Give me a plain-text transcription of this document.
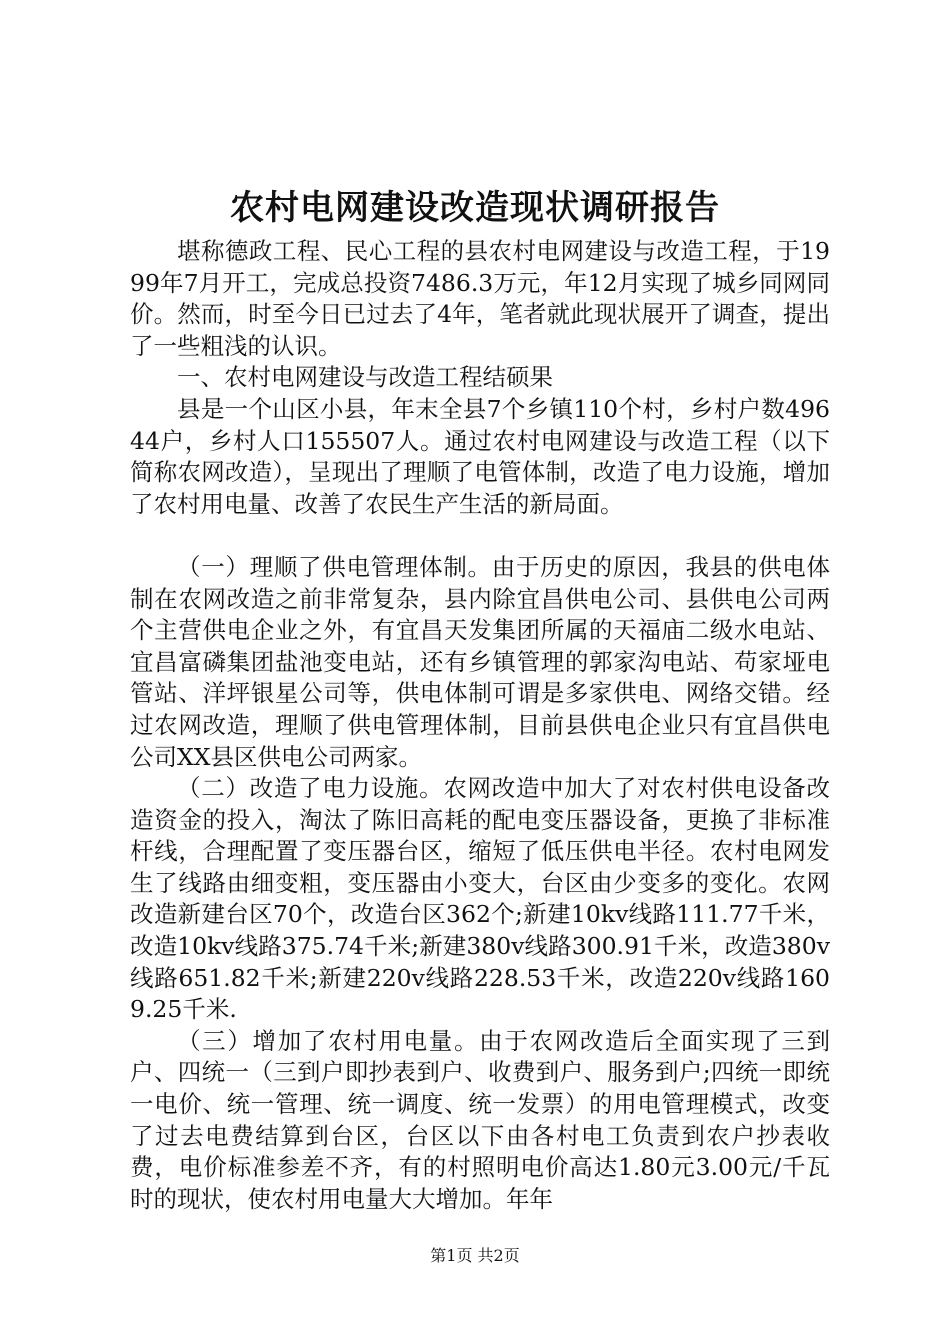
农村电网建设改造现状调研报告

堪称德政工程、民心工程的县农村电网建设与改造工程，于1999年7月开工，完成总投资7486.3万元，年12月实现了城乡同网同价。然而，时至今日已过去了4年，笔者就此现状展开了调查，提出了一些粗浅的认识。

一、农村电网建设与改造工程结硕果

县是一个山区小县，年末全县7个乡镇110个村，乡村户数49644户，乡村人口155507人。通过农村电网建设与改造工程（以下简称农网改造），呈现出了理顺了电管体制，改造了电力设施，增加了农村用电量、改善了农民生产生活的新局面。

（一）理顺了供电管理体制。由于历史的原因，我县的供电体制在农网改造之前非常复杂，县内除宜昌供电公司、县供电公司两个主营供电企业之外，有宜昌天发集团所属的天福庙二级水电站、宜昌富磷集团盐池变电站，还有乡镇管理的郭家沟电站、苟家垭电管站、洋坪银星公司等，供电体制可谓是多家供电、网络交错。经过农网改造，理顺了供电管理体制，目前县供电企业只有宜昌供电公司XX县区供电公司两家。

（二）改造了电力设施。农网改造中加大了对农村供电设备改造资金的投入，淘汰了陈旧高耗的配电变压器设备，更换了非标准杆线，合理配置了变压器台区，缩短了低压供电半径。农村电网发生了线路由细变粗，变压器由小变大，台区由少变多的变化。农网改造新建台区70个，改造台区362个;新建10kv线路111.77千米，改造10kv线路375.74千米;新建380v线路300.91千米，改造380v线路651.82千米;新建220v线路228.53千米，改造220v线路1609.25千米.

（三）增加了农村用电量。由于农网改造后全面实现了三到户、四统一（三到户即抄表到户、收费到户、服务到户;四统一即统一电价、统一管理、统一调度、统一发票）的用电管理模式，改变了过去电费结算到台区，台区以下由各村电工负责到农户抄表收费，电价标准参差不齐，有的村照明电价高达1.80元3.00元/千瓦时的现状，使农村用电量大大增加。年年

第1页 共2页
